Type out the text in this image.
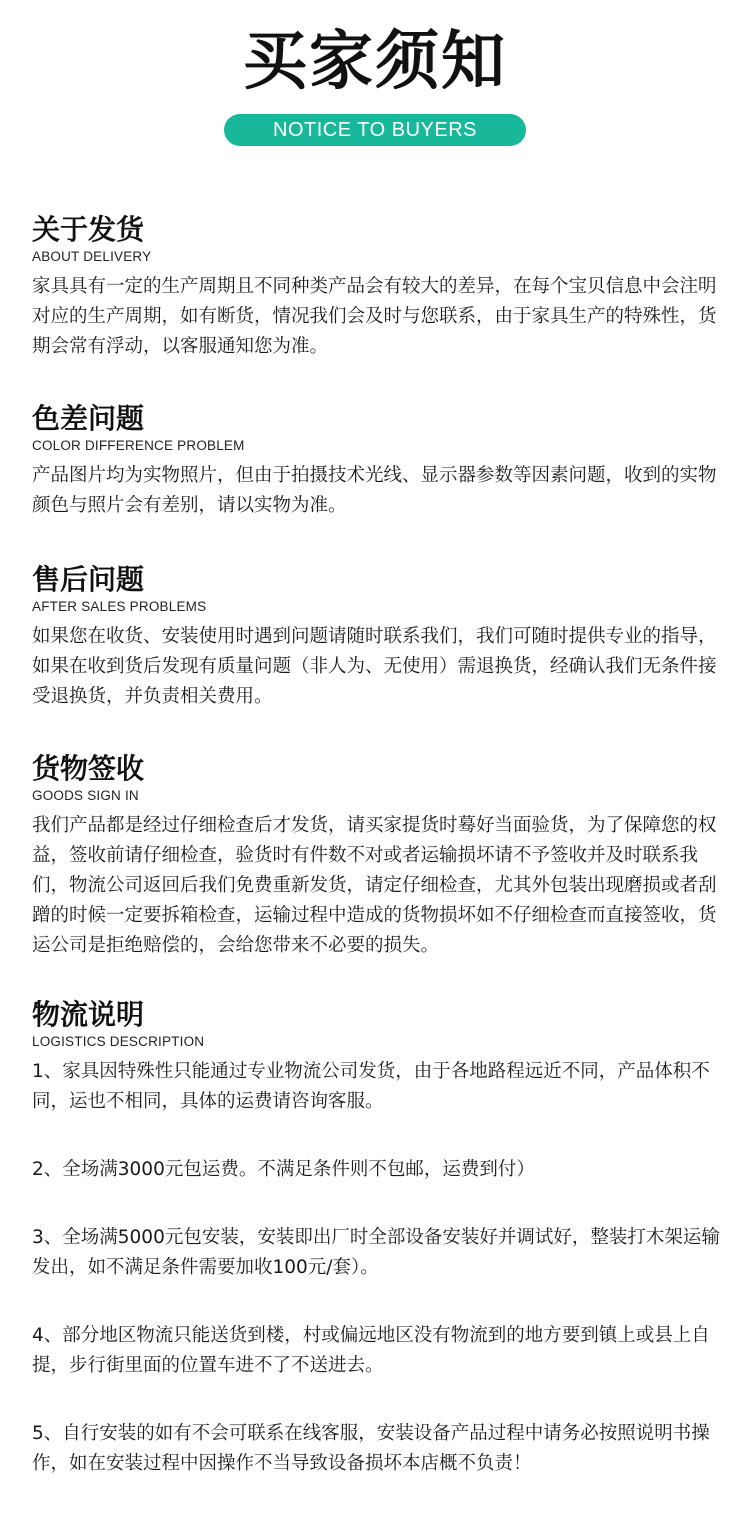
买家须知
NOTICE TO BUYERS
关于发货
ABOUT DELIVERY

家具具有一定的生产周期且不同种类产品会有较大的差异，在每个宝贝信息中会注明对应的生产周期，如有断货，情况我们会及时与您联系，由于家具生产的特殊性，货期会常有浮动，以客服通知您为准。

色差问题
COLOR DIFFERENCE PROBLEM

产品图片均为实物照片，但由于拍摄技术光线、显示器参数等因素问题，收到的实物颜色与照片会有差别，请以实物为准。

售后问题
AFTER SALES PROBLEMS

如果您在收货、安装使用时遇到问题请随时联系我们，我们可随时提供专业的指导，如果在收到货后发现有质量问题（非人为、无使用）需退换货，经确认我们无条件接受退换货，并负责相关费用。

货物签收
GOODS SIGN IN

我们产品都是经过仔细检查后才发货，请买家提货时蓦好当面验货，为了保障您的权益，签收前请仔细检查，验货时有件数不对或者运输损坏请不予签收并及时联系我们，物流公司返回后我们免费重新发货，请定仔细检查，尤其外包装出现磨损或者刮蹭的时候一定要拆箱检查，运输过程中造成的货物损坏如不仔细检查而直接签收，货运公司是拒绝赔偿的，会给您带来不必要的损失。

物流说明
LOGISTICS DESCRIPTION

1、家具因特殊性只能通过专业物流公司发货，由于各地路程远近不同，产品体积不同，运也不相同，具体的运费请咨询客服。

2、全场满3000元包运费。不满足条件则不包邮，运费到付）

3、全场满5000元包安装，安装即出厂时全部设备安装好并调试好，整装打木架运输发出，如不满足条件需要加收100元/套）。

4、部分地区物流只能送货到楼，村或偏远地区没有物流到的地方要到镇上或县上自提，步行街里面的位置车进不了不送进去。

5、自行安装的如有不会可联系在线客服，安装设备产品过程中请务必按照说明书操作，如在安装过程中因操作不当导致设备损坏本店概不负责！
